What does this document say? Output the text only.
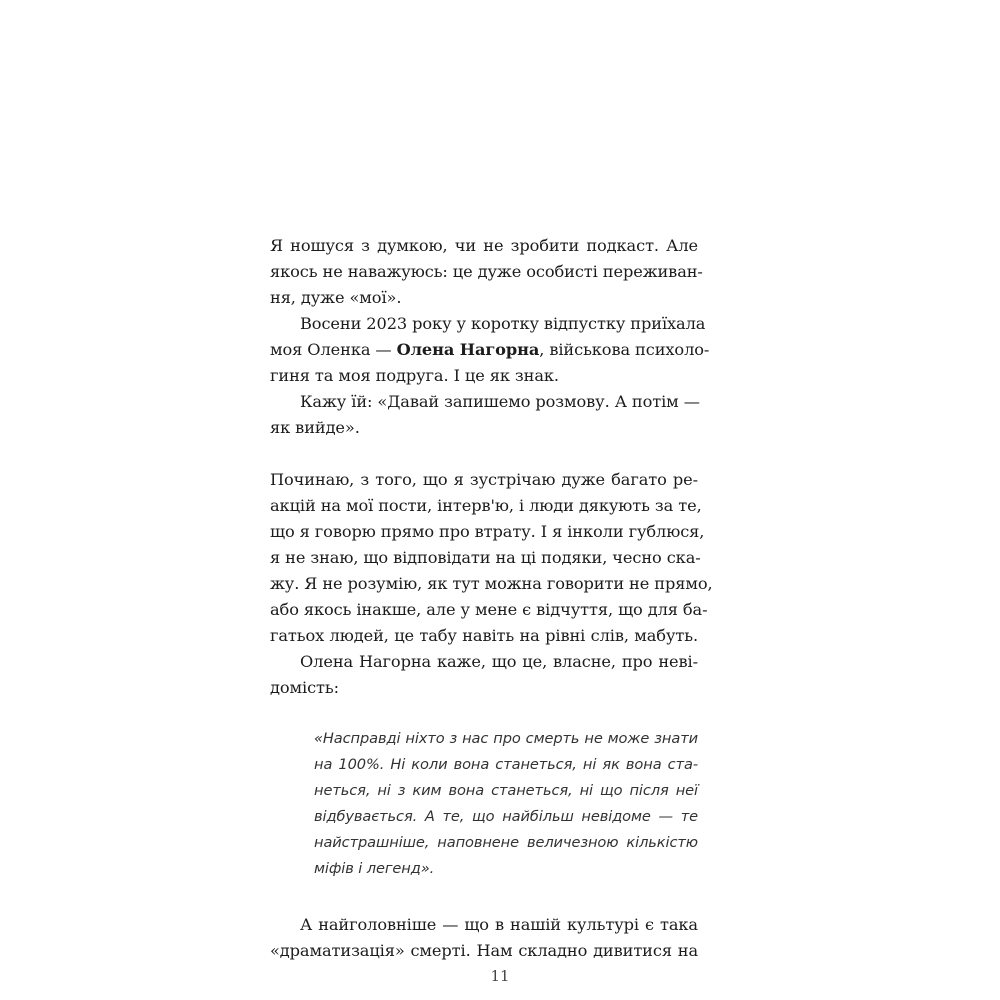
Я ношуся з думкою, чи не зробити подкаст. Але
якось не наважуюсь: це дуже особисті переживан-
ня, дуже «мої».
Восени 2023 року у коротку відпустку приїхала
моя Оленка — Олена Нагорна, військова психоло-
гиня та моя подруга. І це як знак.
Кажу їй: «Давай запишемо розмову. А потім —
як вийде».
Починаю, з того, що я зустрічаю дуже багато ре-
акцій на мої пости, інтерв'ю, і люди дякують за те,
що я говорю прямо про втрату. І я інколи гублюся,
я не знаю, що відповідати на ці подяки, чесно ска-
жу. Я не розумію, як тут можна говорити не прямо,
або якось інакше, але у мене є відчуття, що для ба-
гатьох людей, це табу навіть на рівні слів, мабуть.
Олена Нагорна каже, що це, власне, про неві-
домість:
«Насправді ніхто з нас про смерть не може знати
на 100%. Ні коли вона станеться, ні як вона ста-
неться, ні з ким вона станеться, ні що після неї
відбувається. А те, що найбільш невідоме — те
найстрашніше, наповнене величезною кількістю
міфів і легенд».
А найголовніше — що в нашій культурі є така
«драматизація» смерті. Нам складно дивитися на
11
